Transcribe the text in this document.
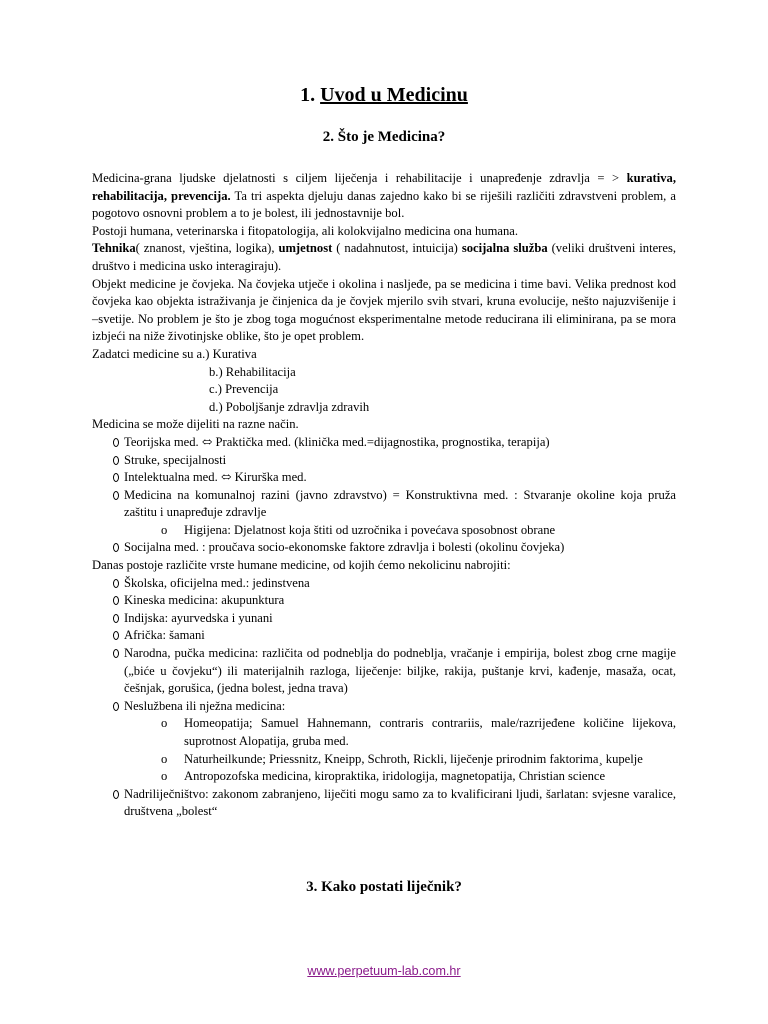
1. Uvod u Medicinu
2. Što je Medicina?
Medicina-grana ljudske djelatnosti s ciljem liječenja i rehabilitacije i unapređenje zdravlja = > kurativa, rehabilitacija, prevencija. Ta tri aspekta djeluju danas zajedno kako bi se riješili različiti zdravstveni problem, a pogotovo osnovni problem a to je bolest, ili jednostavnije bol.
Postoji humana, veterinarska i fitopatologija, ali kolokvijalno medicina ona humana.
Tehnika( znanost, vještina, logika), umjetnost ( nadahnutost, intuicija) socijalna služba (veliki društveni interes, društvo i medicina usko interagiraju).
Objekt medicine je čovjeka. Na čovjeka utječe i okolina i nasljeđe, pa se medicina i time bavi. Velika prednost kod čovjeka kao objekta istraživanja je činjenica da je čovjek mjerilo svih stvari, kruna evolucije, nešto najuzvišenije i –svetije. No problem je što je zbog toga mogućnost eksperimentalne metode reducirana ili eliminirana, pa se mora izbjeći na niže životinjske oblike, što je opet problem.
Zadatci medicine su a.) Kurativa
b.) Rehabilitacija
c.) Prevencija
d.) Poboljšanje zdravlja zdravih
Medicina se može dijeliti na razne način.
Teorijska med. ⬄ Praktička med. (klinička med.=dijagnostika, prognostika, terapija)
Struke, specijalnosti
Intelektualna med. ⬄ Kirurška med.
Medicina na komunalnoj razini (javno zdravstvo) = Konstruktivna med. : Stvaranje okoline koja pruža zaštitu i unapređuje zdravlje
o Higijena: Djelatnost koja štiti od uzročnika i povećava sposobnost obrane
Socijalna med. : proučava socio-ekonomske faktore zdravlja i bolesti (okolinu čovjeka)
Danas postoje različite vrste humane medicine, od kojih ćemo nekolicinu nabrojiti:
Školska, oficijelna med.: jedinstvena
Kineska medicina: akupunktura
Indijska: ayurvedska i yunani
Afrička: šamani
Narodna, pučka medicina: različita od podneblja do podneblja, vračanje i empirija, bolest zbog crne magije („biće u čovjeku“) ili materijalnih razloga, liječenje: biljke, rakija, puštanje krvi, kađenje, masaža, ocat, češnjak, gorušica, (jedna bolest, jedna trava)
Neslužbena ili nježna medicina:
o Homeopatija; Samuel Hahnemann, contraris contrariis, male/razrijeđene količine lijekova, suprotnost Alopatija, gruba med.
o Naturheilkunde; Priessnitz, Kneipp, Schroth, Rickli, liječenje prirodnim faktorima¸ kupelje
o Antropozofska medicina, kiropraktika, iridologija, magnetopatija, Christian science
Nadriliječništvo: zakonom zabranjeno, liječiti mogu samo za to kvalificirani ljudi, šarlatan: svjesne varalice, društvena „bolest“
3. Kako postati liječnik?
www.perpetuum-lab.com.hr
